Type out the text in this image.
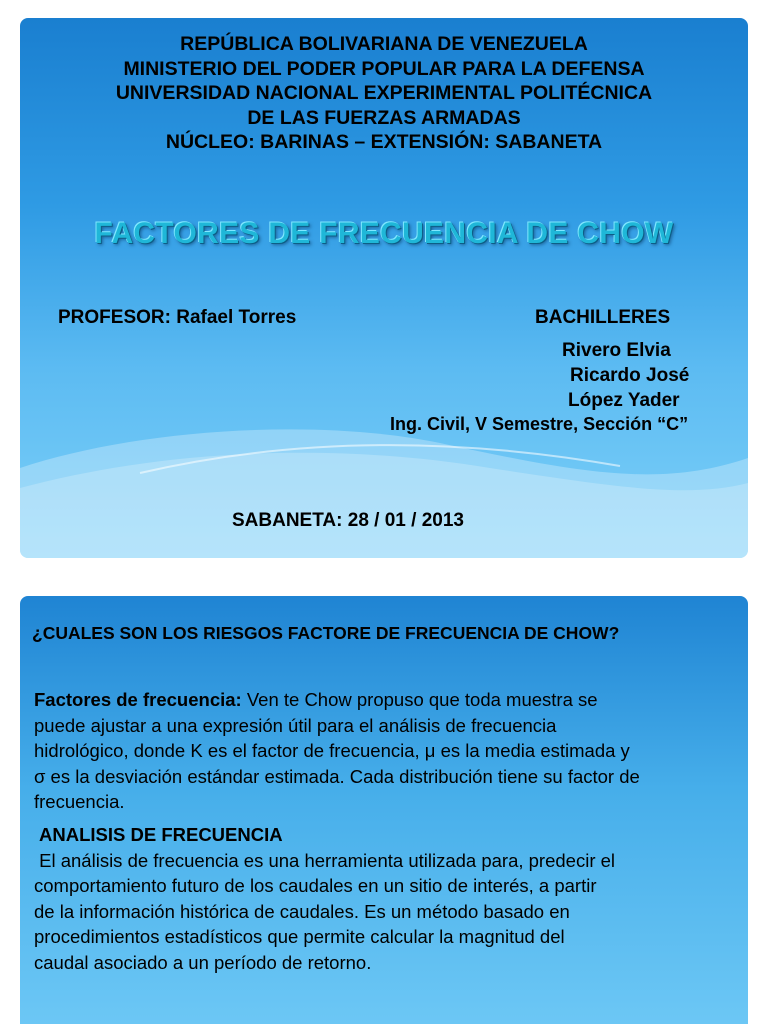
REPÚBLICA BOLIVARIANA DE VENEZUELA
MINISTERIO DEL PODER POPULAR PARA LA DEFENSA
UNIVERSIDAD NACIONAL EXPERIMENTAL POLITÉCNICA
DE LAS FUERZAS ARMADAS
NÚCLEO: BARINAS – EXTENSIÓN: SABANETA
FACTORES DE FRECUENCIA DE CHOW
PROFESOR: Rafael Torres	BACHILLERES
Rivero Elvia
Ricardo José
López Yader
Ing. Civil, V Semestre, Sección “C”
SABANETA: 28 / 01 / 2013
¿CUALES SON LOS RIESGOS FACTORE DE FRECUENCIA DE CHOW?
Factores de frecuencia: Ven te Chow propuso que toda muestra se
puede ajustar a una expresión útil para el análisis de frecuencia
hidrológico, donde K es el factor de frecuencia, μ es la media estimada y
σ es la desviación estándar estimada. Cada distribución tiene su factor de
frecuencia.
ANALISIS DE FRECUENCIA
El análisis de frecuencia es una herramienta utilizada para, predecir el
comportamiento futuro de los caudales en un sitio de interés, a partir
de la información histórica de caudales. Es un método basado en
procedimientos estadísticos que permite calcular la magnitud del
caudal asociado a un período de retorno.
